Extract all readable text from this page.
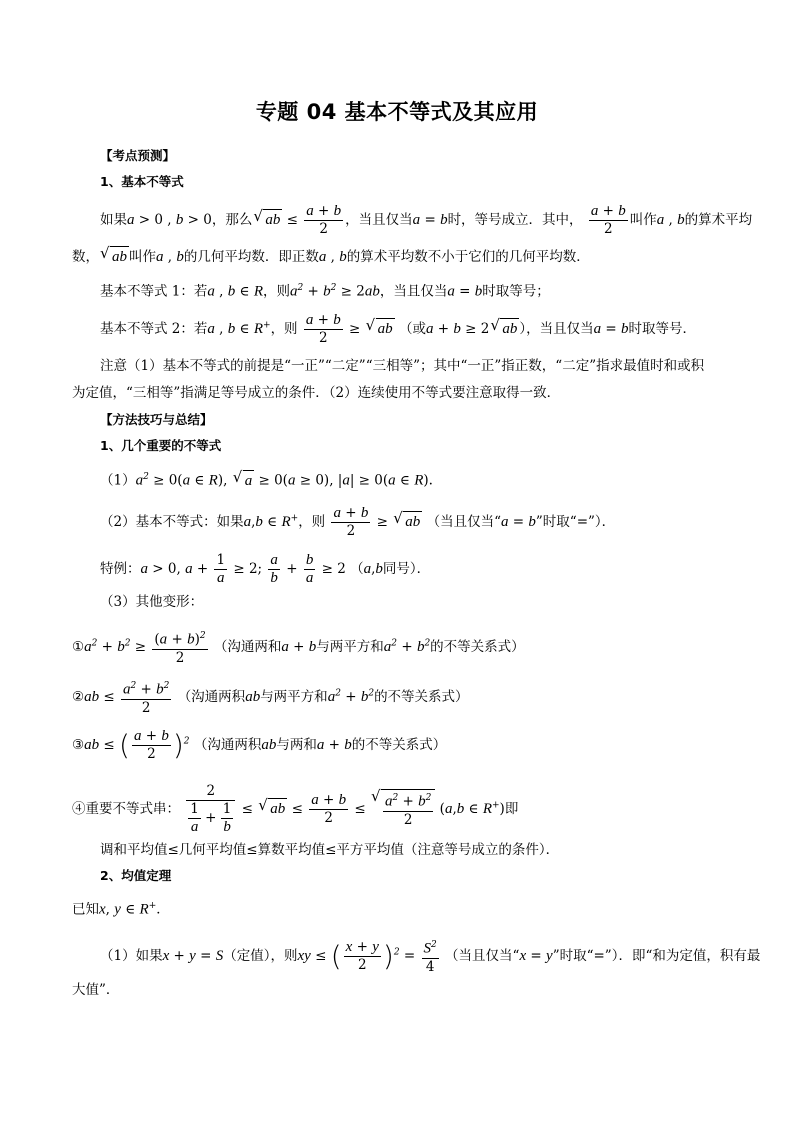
专题 04 基本不等式及其应用
【考点预测】
1、基本不等式
如果a > 0 , b > 0，那么 √ ab ≤ $\frac{a + b}{2}$ ，当且仅当a = b时，等号成立．其中， $\frac{a + b}{2}$ 叫作a , b的算术平均
数， √ ab 叫作a , b的几何平均数．即正数a , b的算术平均数不小于它们的几何平均数．
基本不等式 1：若a , b ∈ R，则$a^2 + b^2 \ge 2ab$，当且仅当a = b时取等号；
基本不等式 2：若a , b ∈ R+，则 $\frac{a + b}{2}$ ≥ √ ab （或a + b ≥ 2 √ ab ），当且仅当a = b时取等号．
注意（1）基本不等式的前提是“一正”“二定”“三相等”；其中“一正”指正数，“二定”指求最值时和或积
为定值，“三相等”指满足等号成立的条件．（2）连续使用不等式要注意取得一致．
【方法技巧与总结】
1、几个重要的不等式
$(1)a^2 \ge 0(a$ ∈ R), √ a ≥ 0(a ≥ 0), |a| ≥ 0(a ∈ R).
（2）基本不等式：如果a,b ∈ R+，则 $\frac{a + b}{2}$ ≥ √ ab （当且仅当“a = b”时取“=”）．
特例：a > 0, $a + \frac{1}{a} \ge 2$; $\frac{a}{b} + \frac{b}{a} \ge 2$ （a,b同号）．
（3）其他变形：
$①a^2 + b^2 \ge \frac{(a + b)^2}{2}$ （沟通两和a + b与两平方和$a^2 + b^2$的不等关系式）
②ab ≤ $\frac{a^2 + b^2}{2}$ （沟通两积ab与两平方和$a^2 + b^2$的不等关系式）
③ab ≤ ( $\frac{a + b}{2} )^2$ （沟通两积ab与两和a + b的不等关系式）
④重要不等式串： $\frac{2}{\frac{1}{a} + \frac{1}{b}}$ ≤ √ ab ≤ $\frac{a + b}{2}$ ≤ √ $\frac{a^2 + b^2}{2} (a,b$ ∈ R+)即
调和平均值≤几何平均值≤算数平均值≤平方平均值（注意等号成立的条件）．
2、均值定理
已知x, y ∈ R+．
（1）如果x + y = S（定值），则xy ≤ ( $\frac{x + y}{2} )^2 = \frac{S^2}{4}$ （当且仅当“x = y”时取“=”）．即“和为定值，积有最
大值”．
